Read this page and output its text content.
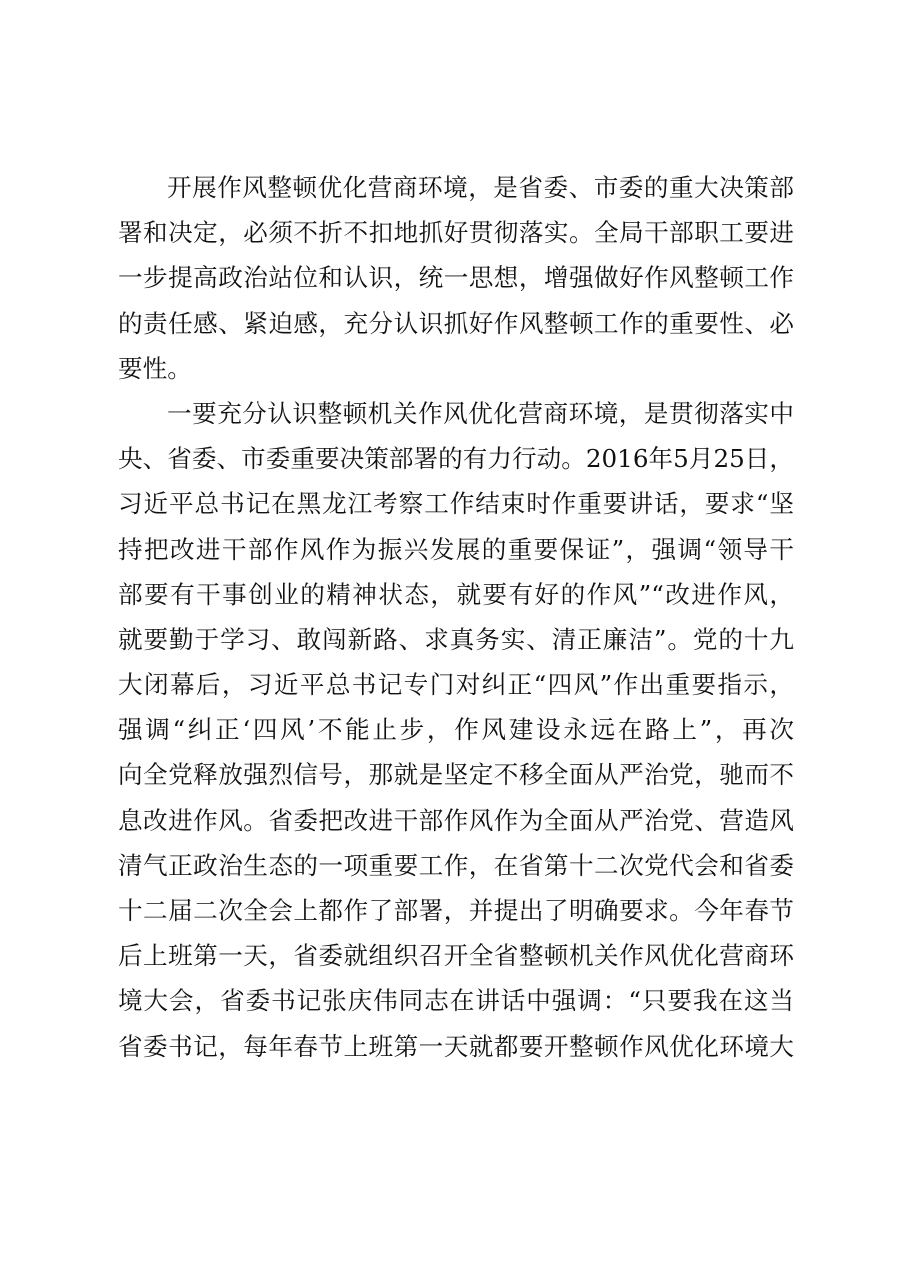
开展作风整顿优化营商环境，是省委、市委的重大决策部
署和决定，必须不折不扣地抓好贯彻落实。全局干部职工要进
一步提高政治站位和认识，统一思想，增强做好作风整顿工作
的责任感、紧迫感，充分认识抓好作风整顿工作的重要性、必
要性。
一要充分认识整顿机关作风优化营商环境，是贯彻落实中
央、省委、市委重要决策部署的有力行动。2016年5月25日，
习近平总书记在黑龙江考察工作结束时作重要讲话，要求“坚
持把改进干部作风作为振兴发展的重要保证”，强调“领导干
部要有干事创业的精神状态，就要有好的作风”“改进作风，
就要勤于学习、敢闯新路、求真务实、清正廉洁”。党的十九
大闭幕后，习近平总书记专门对纠正“四风”作出重要指示，
强调“纠正‘四风’不能止步，作风建设永远在路上”，再次
向全党释放强烈信号，那就是坚定不移全面从严治党，驰而不
息改进作风。省委把改进干部作风作为全面从严治党、营造风
清气正政治生态的一项重要工作，在省第十二次党代会和省委
十二届二次全会上都作了部署，并提出了明确要求。今年春节
后上班第一天，省委就组织召开全省整顿机关作风优化营商环
境大会，省委书记张庆伟同志在讲话中强调：“只要我在这当
省委书记，每年春节上班第一天就都要开整顿作风优化环境大
